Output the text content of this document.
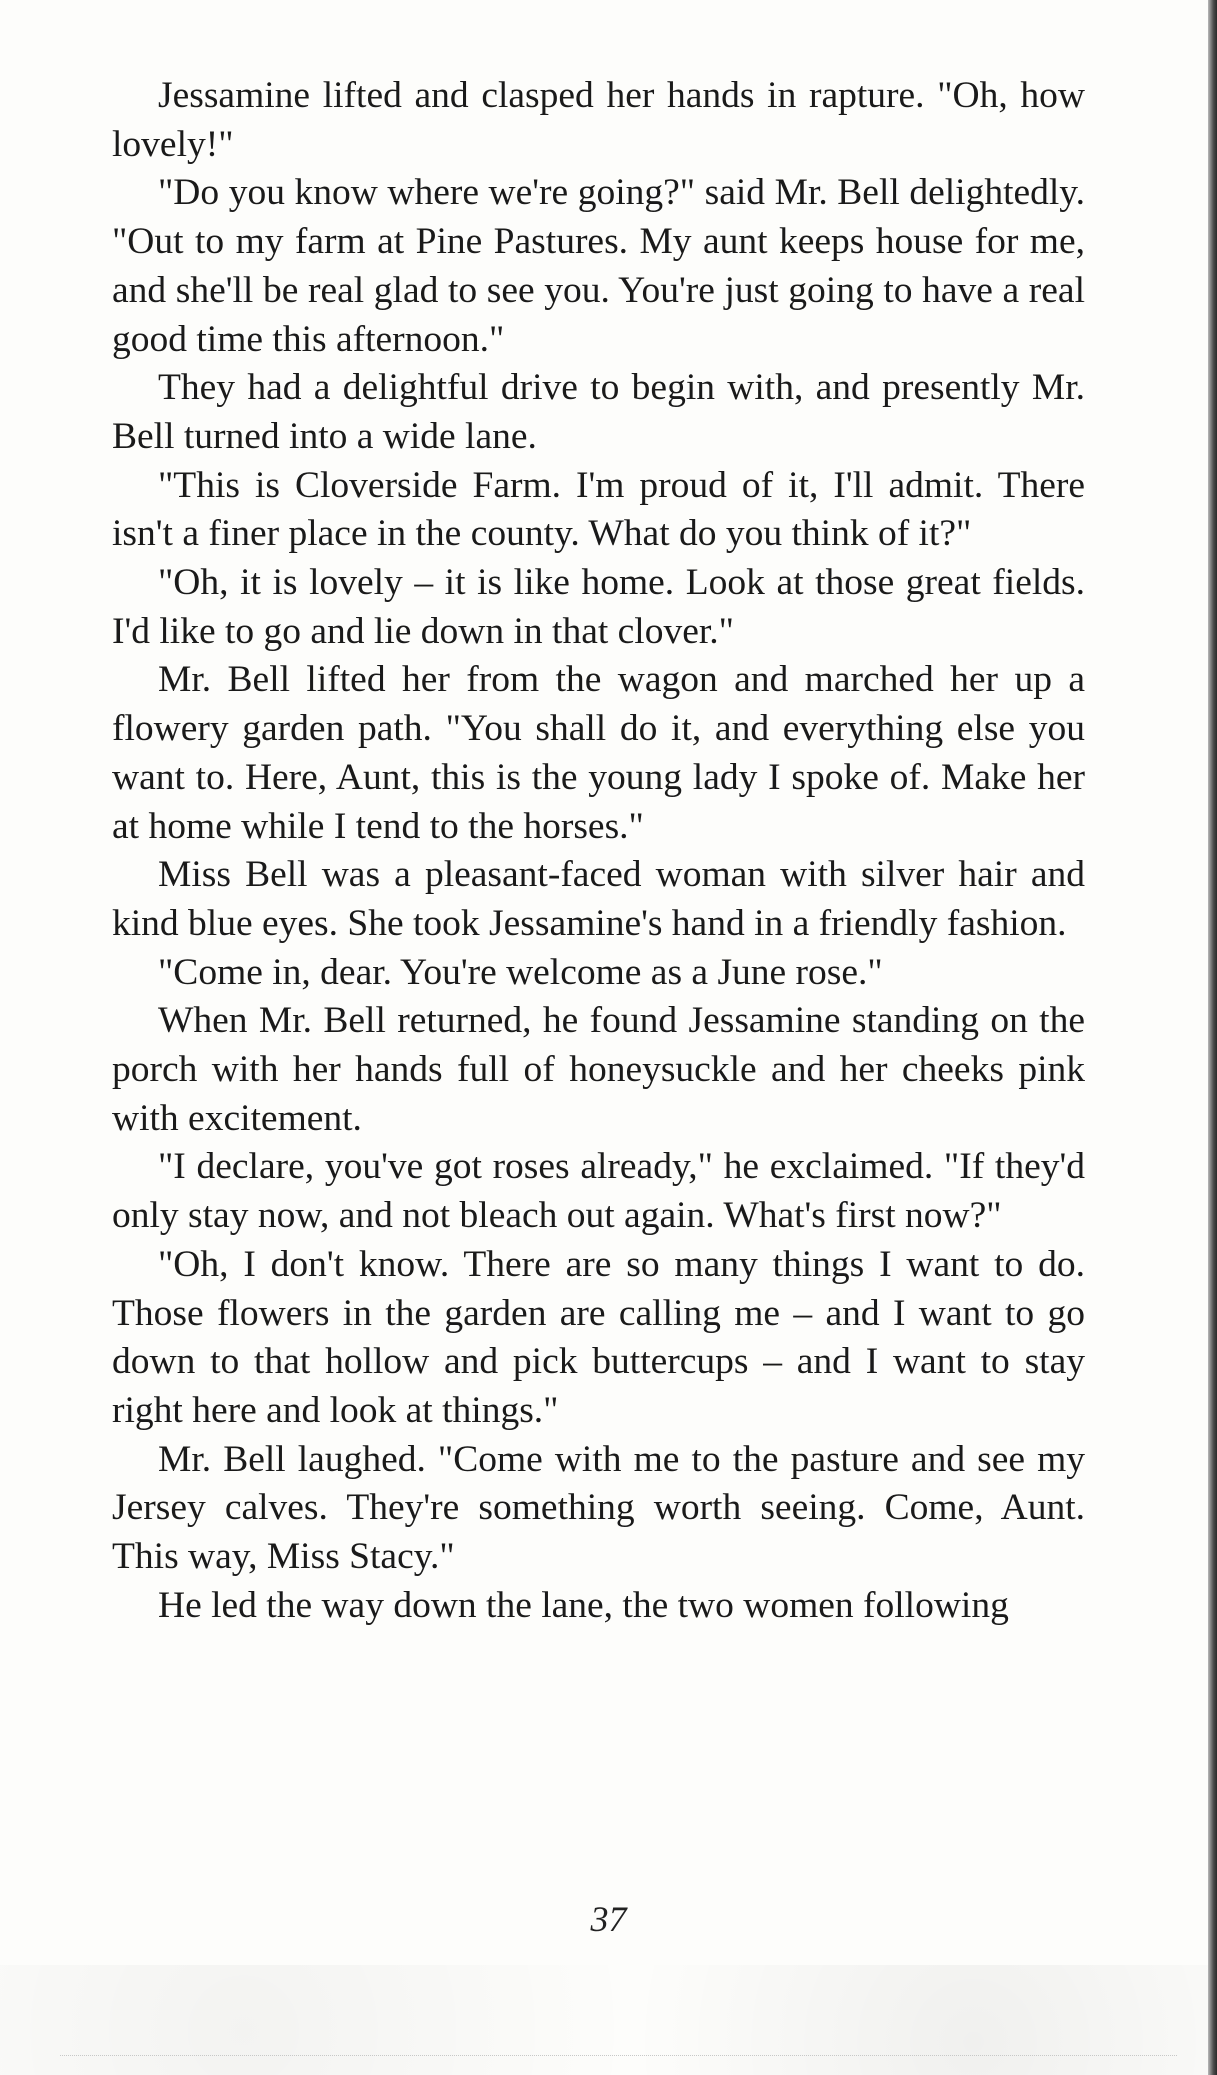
Jessamine lifted and clasped her hands in rapture. "Oh, how lovely!"

"Do you know where we're going?" said Mr. Bell delightedly. "Out to my farm at Pine Pastures. My aunt keeps house for me, and she'll be real glad to see you. You're just going to have a real good time this afternoon."

They had a delightful drive to begin with, and presently Mr. Bell turned into a wide lane.

"This is Cloverside Farm. I'm proud of it, I'll admit. There isn't a finer place in the county. What do you think of it?"

"Oh, it is lovely – it is like home. Look at those great fields. I'd like to go and lie down in that clover."

Mr. Bell lifted her from the wagon and marched her up a flowery garden path. "You shall do it, and everything else you want to. Here, Aunt, this is the young lady I spoke of. Make her at home while I tend to the horses."

Miss Bell was a pleasant-faced woman with silver hair and kind blue eyes. She took Jessamine's hand in a friendly fashion.

"Come in, dear. You're welcome as a June rose."

When Mr. Bell returned, he found Jessamine standing on the porch with her hands full of honeysuckle and her cheeks pink with excitement.

"I declare, you've got roses already," he exclaimed. "If they'd only stay now, and not bleach out again. What's first now?"

"Oh, I don't know. There are so many things I want to do. Those flowers in the garden are calling me – and I want to go down to that hollow and pick buttercups – and I want to stay right here and look at things."

Mr. Bell laughed. "Come with me to the pasture and see my Jersey calves. They're something worth seeing. Come, Aunt. This way, Miss Stacy."

He led the way down the lane, the two women following

37
